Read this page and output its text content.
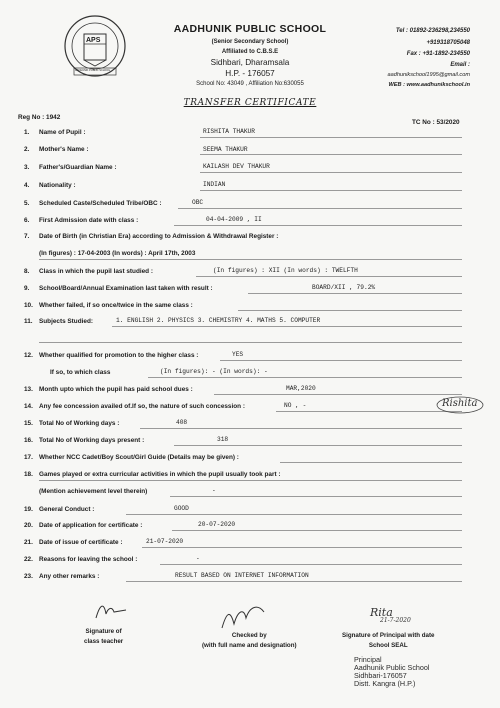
APS
AADHUNIK PUBLIC SCHOOL
AADHUNIK PUBLIC SCHOOL
(Senior Secondary School)
Affiliated to C.B.S.E
Sidhbari, Dharamsala
H.P. - 176057
School No: 43049 , Affiliation No:630055
Tel : 01892-236298,234550
+919318705048
Fax : +91-1892-234550
Email :
aadhunikschool1995@gmail.com
WEB : www.aadhunikschool.in
TRANSFER CERTIFICATE
Reg No : 1942
TC No : 53/2020
1. Name of Pupil :	RISHITA THAKUR
2. Mother's Name :	SEEMA THAKUR
3. Father's/Guardian Name :	KAILASH DEV THAKUR
4. Nationality :	INDIAN
5. Scheduled Caste/Scheduled Tribe/OBC :	OBC
6. First Admission date with class :	04-04-2009 , II
7. Date of Birth (in Christian Era) according to Admission & Withdrawal Register :
(In figures) : 17-04-2003 (In words) : April 17th, 2003
8. Class in which the pupil last studied :	(In figures) : XII (In words) : TWELFTH
9. School/Board/Annual Examination last taken with result :	BOARD/XII , 79.2%
10. Whether failed, if so once/twice in the same class :
11. Subjects Studied:	1. ENGLISH 2. PHYSICS 3. CHEMISTRY 4. MATHS 5. COMPUTER
12. Whether qualified for promotion to the higher class :	YES
If so, to which class	(In figures): - (In words): -
13. Month upto which the pupil has paid school dues :	MAR,2020
14. Any fee concession availed of.If so, the nature of such concession :	NO , -
15. Total No of Working days :	408
16. Total No of Working days present :	318
17. Whether NCC Cadet/Boy Scout/Girl Guide (Details may be given) :
18. Games played or extra curricular activities in which the pupil usually took part :
(Mention achievement level therein)	-
19. General Conduct :	GOOD
20. Date of application for certificate :	20-07-2020
21. Date of issue of certificate :	21-07-2020
22. Reasons for leaving the school :	-
23. Any other remarks :	RESULT BASED ON INTERNET INFORMATION
Rishita
Signature of
class teacher
Checked by
(with full name and designation)
Rita
21-7-2020
Signature of Principal with date
School SEAL
Principal
Aadhunik Public School
Sidhbari-176057
Distt. Kangra (H.P.)
